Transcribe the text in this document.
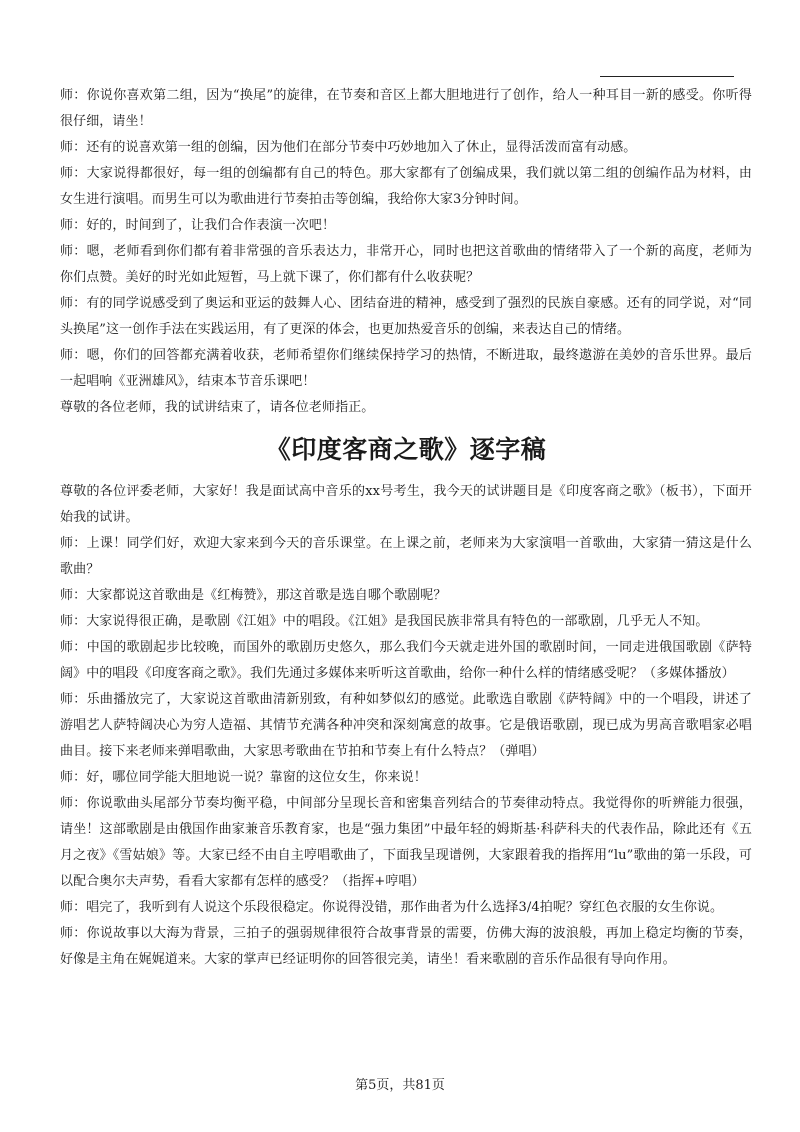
师：你说你喜欢第二组，因为“换尾”的旋律，在节奏和音区上都大胆地进行了创作，给人一种耳目一新的感受。你听得很仔细，请坐！

师：还有的说喜欢第一组的创编，因为他们在部分节奏中巧妙地加入了休止，显得活泼而富有动感。

师：大家说得都很好，每一组的创编都有自己的特色。那大家都有了创编成果，我们就以第二组的创编作品为材料，由女生进行演唱。而男生可以为歌曲进行节奏拍击等创编，我给你大家3分钟时间。

师：好的，时间到了，让我们合作表演一次吧！

师：嗯，老师看到你们都有着非常强的音乐表达力，非常开心，同时也把这首歌曲的情绪带入了一个新的高度，老师为你们点赞。美好的时光如此短暂，马上就下课了，你们都有什么收获呢？

师：有的同学说感受到了奥运和亚运的鼓舞人心、团结奋进的精神，感受到了强烈的民族自豪感。还有的同学说，对“同头换尾”这一创作手法在实践运用，有了更深的体会，也更加热爱音乐的创编，来表达自己的情绪。

师：嗯，你们的回答都充满着收获，老师希望你们继续保持学习的热情，不断进取，最终遨游在美妙的音乐世界。最后一起唱响《亚洲雄风》，结束本节音乐课吧！

尊敬的各位老师，我的试讲结束了，请各位老师指正。

《印度客商之歌》逐字稿

尊敬的各位评委老师，大家好！我是面试高中音乐的xx号考生，我今天的试讲题目是《印度客商之歌》（板书），下面开始我的试讲。

师：上课！同学们好，欢迎大家来到今天的音乐课堂。在上课之前，老师来为大家演唱一首歌曲，大家猜一猜这是什么歌曲？

师：大家都说这首歌曲是《红梅赞》，那这首歌是选自哪个歌剧呢？

师：大家说得很正确，是歌剧《江姐》中的唱段。《江姐》是我国民族非常具有特色的一部歌剧，几乎无人不知。

师：中国的歌剧起步比较晚，而国外的歌剧历史悠久，那么我们今天就走进外国的歌剧时间，一同走进俄国歌剧《萨特阔》中的唱段《印度客商之歌》。我们先通过多媒体来听听这首歌曲，给你一种什么样的情绪感受呢？（多媒体播放）

师：乐曲播放完了，大家说这首歌曲清新别致，有种如梦似幻的感觉。此歌选自歌剧《萨特阔》中的一个唱段，讲述了游唱艺人萨特阔决心为穷人造福、其情节充满各种冲突和深刻寓意的故事。它是俄语歌剧，现已成为男高音歌唱家必唱曲目。接下来老师来弹唱歌曲，大家思考歌曲在节拍和节奏上有什么特点？（弹唱）

师：好，哪位同学能大胆地说一说？靠窗的这位女生，你来说！

师：你说歌曲头尾部分节奏均衡平稳，中间部分呈现长音和密集音列结合的节奏律动特点。我觉得你的听辨能力很强，请坐！这部歌剧是由俄国作曲家兼音乐教育家，也是“强力集团”中最年轻的姆斯基·科萨科夫的代表作品，除此还有《五月之夜》《雪姑娘》等。大家已经不由自主哼唱歌曲了，下面我呈现谱例，大家跟着我的指挥用“lu”歌曲的第一乐段，可以配合奥尔夫声势，看看大家都有怎样的感受？（指挥+哼唱）

师：唱完了，我听到有人说这个乐段很稳定。你说得没错，那作曲者为什么选择3/4拍呢？穿红色衣服的女生你说。

师：你说故事以大海为背景，三拍子的强弱规律很符合故事背景的需要，仿佛大海的波浪般，再加上稳定均衡的节奏，好像是主角在娓娓道来。大家的掌声已经证明你的回答很完美，请坐！看来歌剧的音乐作品很有导向作用。

第5页，共81页
